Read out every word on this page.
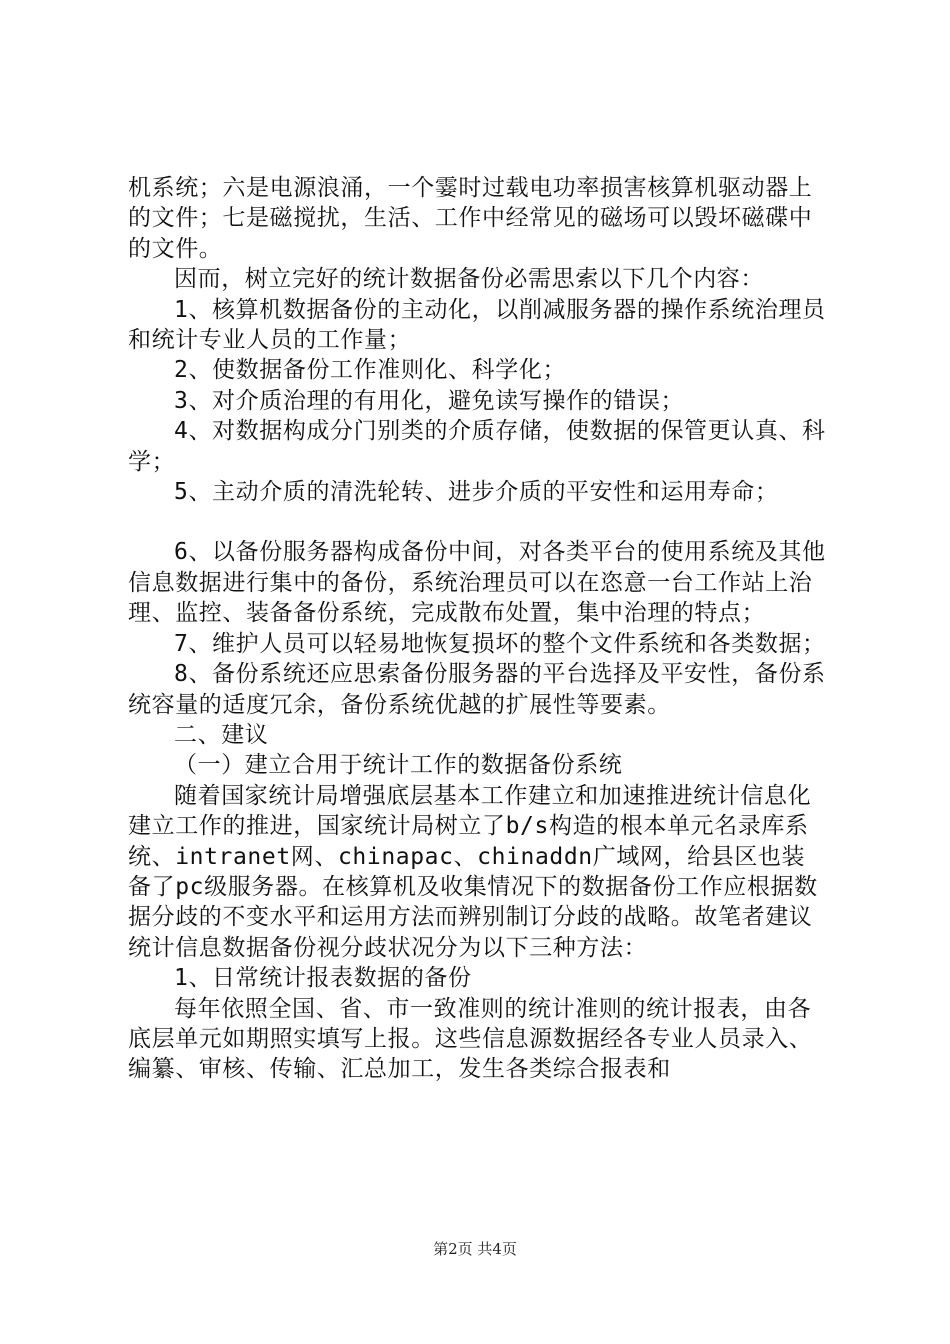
机系统；六是电源浪涌，一个霎时过载电功率损害核算机驱动器上的文件；七是磁搅扰，生活、工作中经常见的磁场可以毁坏磁碟中的文件。

因而，树立完好的统计数据备份必需思索以下几个内容：

1、核算机数据备份的主动化，以削减服务器的操作系统治理员和统计专业人员的工作量；

2、使数据备份工作准则化、科学化；

3、对介质治理的有用化，避免读写操作的错误；

4、对数据构成分门别类的介质存储，使数据的保管更认真、科学；

5、主动介质的清洗轮转、进步介质的平安性和运用寿命；

6、以备份服务器构成备份中间，对各类平台的使用系统及其他信息数据进行集中的备份，系统治理员可以在恣意一台工作站上治理、监控、装备备份系统，完成散布处置，集中治理的特点；

7、维护人员可以轻易地恢复损坏的整个文件系统和各类数据；

8、备份系统还应思索备份服务器的平台选择及平安性，备份系统容量的适度冗余，备份系统优越的扩展性等要素。

二、建议

（一）建立合用于统计工作的数据备份系统

随着国家统计局增强底层基本工作建立和加速推进统计信息化建立工作的推进，国家统计局树立了b/s构造的根本单元名录库系统、intranet网、chinapac、chinaddn广域网，给县区也装备了pc级服务器。在核算机及收集情况下的数据备份工作应根据数据分歧的不变水平和运用方法而辨别制订分歧的战略。故笔者建议统计信息数据备份视分歧状况分为以下三种方法：

1、日常统计报表数据的备份

每年依照全国、省、市一致准则的统计准则的统计报表，由各底层单元如期照实填写上报。这些信息源数据经各专业人员录入、编纂、审核、传输、汇总加工，发生各类综合报表和

第2页 共4页
